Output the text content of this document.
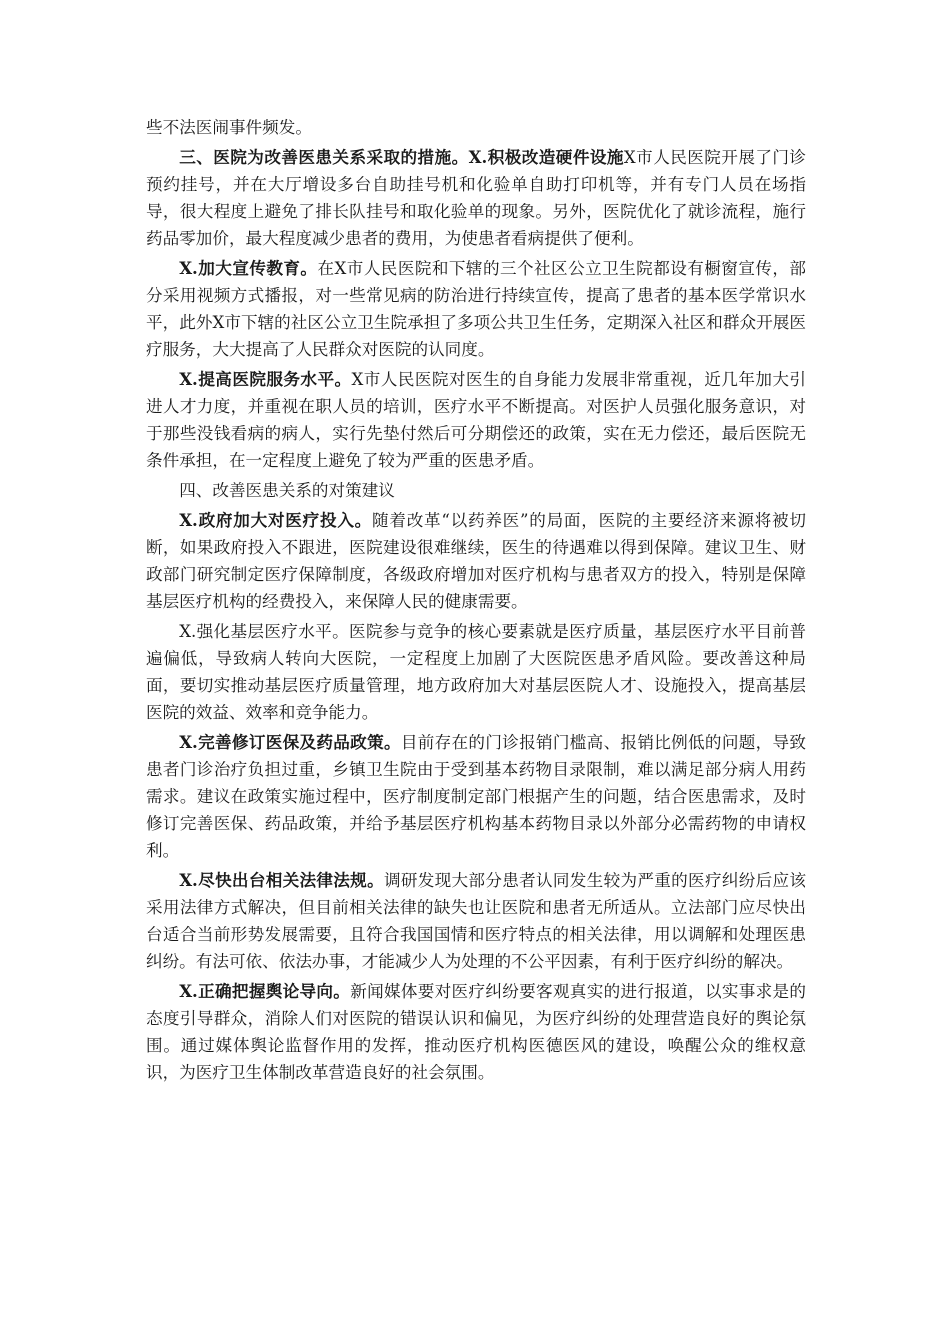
些不法医闹事件频发。

三、医院为改善医患关系采取的措施。X.积极改造硬件设施X市人民医院开展了门诊预约挂号，并在大厅增设多台自助挂号机和化验单自助打印机等，并有专门人员在场指导，很大程度上避免了排长队挂号和取化验单的现象。另外，医院优化了就诊流程，施行药品零加价，最大程度减少患者的费用，为使患者看病提供了便利。

X.加大宣传教育。在X市人民医院和下辖的三个社区公立卫生院都设有橱窗宣传，部分采用视频方式播报，对一些常见病的防治进行持续宣传，提高了患者的基本医学常识水平，此外X市下辖的社区公立卫生院承担了多项公共卫生任务，定期深入社区和群众开展医疗服务，大大提高了人民群众对医院的认同度。

X.提高医院服务水平。X市人民医院对医生的自身能力发展非常重视，近几年加大引进人才力度，并重视在职人员的培训，医疗水平不断提高。对医护人员强化服务意识，对于那些没钱看病的病人，实行先垫付然后可分期偿还的政策，实在无力偿还，最后医院无条件承担，在一定程度上避免了较为严重的医患矛盾。

四、改善医患关系的对策建议

X.政府加大对医疗投入。随着改革“以药养医”的局面，医院的主要经济来源将被切断，如果政府投入不跟进，医院建设很难继续，医生的待遇难以得到保障。建议卫生、财政部门研究制定医疗保障制度，各级政府增加对医疗机构与患者双方的投入，特别是保障基层医疗机构的经费投入，来保障人民的健康需要。

X.强化基层医疗水平。医院参与竞争的核心要素就是医疗质量，基层医疗水平目前普遍偏低，导致病人转向大医院，一定程度上加剧了大医院医患矛盾风险。要改善这种局面，要切实推动基层医疗质量管理，地方政府加大对基层医院人才、设施投入，提高基层医院的效益、效率和竞争能力。

X.完善修订医保及药品政策。目前存在的门诊报销门槛高、报销比例低的问题，导致患者门诊治疗负担过重，乡镇卫生院由于受到基本药物目录限制，难以满足部分病人用药需求。建议在政策实施过程中，医疗制度制定部门根据产生的问题，结合医患需求，及时修订完善医保、药品政策，并给予基层医疗机构基本药物目录以外部分必需药物的申请权利。

X.尽快出台相关法律法规。调研发现大部分患者认同发生较为严重的医疗纠纷后应该采用法律方式解决，但目前相关法律的缺失也让医院和患者无所适从。立法部门应尽快出台适合当前形势发展需要，且符合我国国情和医疗特点的相关法律，用以调解和处理医患纠纷。有法可依、依法办事，才能减少人为处理的不公平因素，有利于医疗纠纷的解决。

X.正确把握舆论导向。新闻媒体要对医疗纠纷要客观真实的进行报道，以实事求是的态度引导群众，消除人们对医院的错误认识和偏见，为医疗纠纷的处理营造良好的舆论氛围。通过媒体舆论监督作用的发挥，推动医疗机构医德医风的建设，唤醒公众的维权意识，为医疗卫生体制改革营造良好的社会氛围。
